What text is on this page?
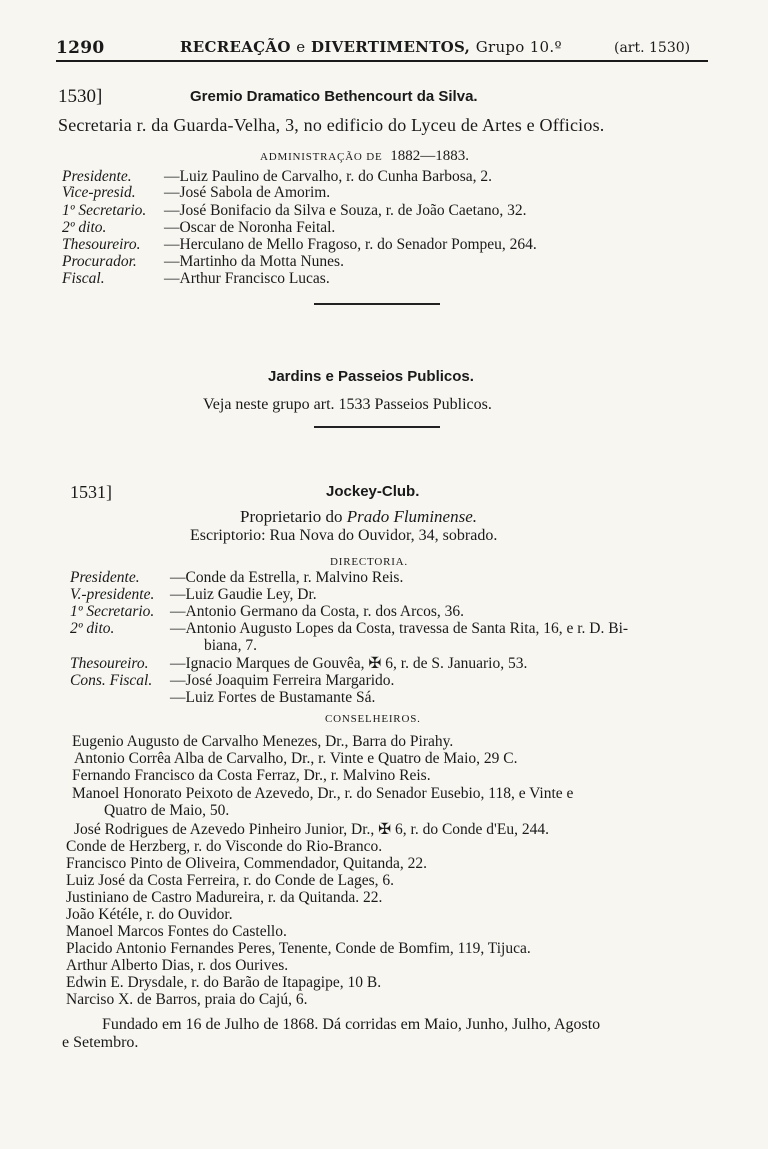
1290	RECREAÇÃO e DIVERTIMENTOS, Grupo 10.º	(art. 1530)
1530]	Gremio Dramatico Bethencourt da Silva.
Secretaria r. da Guarda-Velha, 3, no edificio do Lyceu de Artes e Officios.
ADMINISTRAÇÃO DE 1882—1883.
Presidente. —Luiz Paulino de Carvalho, r. do Cunha Barbosa, 2.
Vice-presid. —José Sabola de Amorim.
1º Secretario. —José Bonifacio da Silva e Souza, r. de João Caetano, 32.
2º dito.	—Oscar de Noronha Feital.
Thesoureiro. —Herculano de Mello Fragoso, r. do Senador Pompeu, 264.
Procurador. —Martinho da Motta Nunes.
Fiscal.	—Arthur Francisco Lucas.
Jardins e Passeios Publicos.
Veja neste grupo art. 1533 Passeios Publicos.
1531]	Jockey-Club.
Proprietario do Prado Fluminense.
Escriptorio: Rua Nova do Ouvidor, 34, sobrado.
DIRECTORIA.
Presidente. —Conde da Estrella, r. Malvino Reis.
V.-presidente. —Luiz Gaudie Ley, Dr.
1º Secretario. —Antonio Germano da Costa, r. dos Arcos, 36.
2º dito.	—Antonio Augusto Lopes da Costa, travessa de Santa Rita, 16, e r. D. Bi-
biana, 7.
Thesoureiro. —Ignacio Marques de Gouvêa, ✠ 6, r. de S. Januario, 53.
Cons. Fiscal. —José Joaquim Ferreira Margarido.
—Luiz Fortes de Bustamante Sá.
CONSELHEIROS.
Eugenio Augusto de Carvalho Menezes, Dr., Barra do Pirahy.
Antonio Corrêa Alba de Carvalho, Dr., r. Vinte e Quatro de Maio, 29 C.
Fernando Francisco da Costa Ferraz, Dr., r. Malvino Reis.
Manoel Honorato Peixoto de Azevedo, Dr., r. do Senador Eusebio, 118, e Vinte e
Quatro de Maio, 50.
José Rodrigues de Azevedo Pinheiro Junior, Dr., ✠ 6, r. do Conde d'Eu, 244.
Conde de Herzberg, r. do Visconde do Rio-Branco.
Francisco Pinto de Oliveira, Commendador, Quitanda, 22.
Luiz José da Costa Ferreira, r. do Conde de Lages, 6.
Justiniano de Castro Madureira, r. da Quitanda. 22.
João Kétéle, r. do Ouvidor.
Manoel Marcos Fontes do Castello.
Placido Antonio Fernandes Peres, Tenente, Conde de Bomfim, 119, Tijuca.
Arthur Alberto Dias, r. dos Ourives.
Edwin E. Drysdale, r. do Barão de Itapagipe, 10 B.
Narciso X. de Barros, praia do Cajú, 6.
Fundado em 16 de Julho de 1868. Dá corridas em Maio, Junho, Julho, Agosto
e Setembro.
